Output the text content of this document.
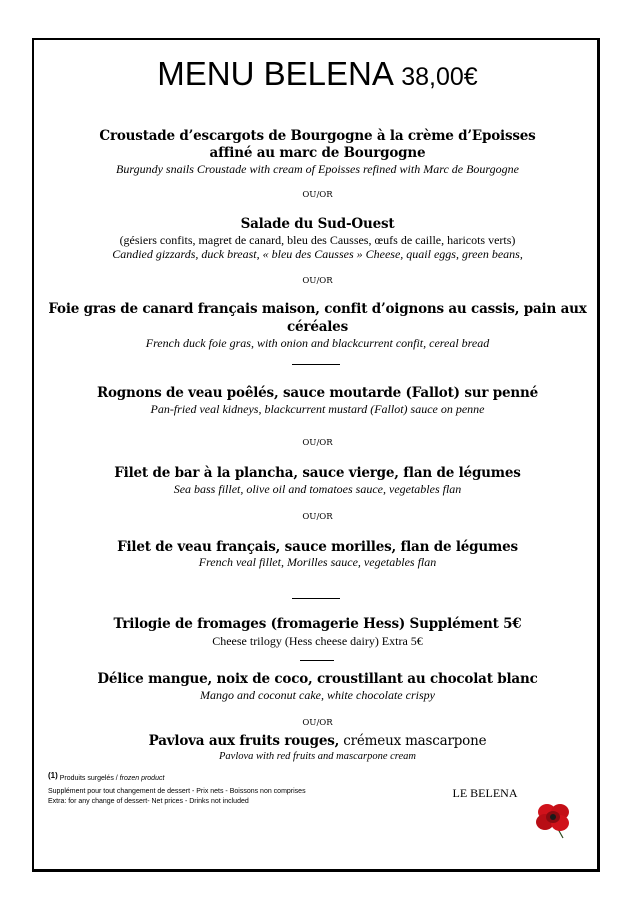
MENU BELENA 38,00€
Croustade d’escargots de Bourgogne à la crème d’Epoisses
affiné au marc de Bourgogne
Burgundy snails Croustade with cream of Epoisses refined with Marc de Bourgogne
OU/OR
Salade du Sud-Ouest
(gésiers confits, magret de canard, bleu des Causses, œufs de caille, haricots verts)
Candied gizzards, duck breast, « bleu des Causses » Cheese, quail eggs, green beans,
OU/OR
Foie gras de canard français maison, confit d’oignons au cassis, pain aux
céréales
French duck foie gras, with onion and blackcurrent confit, cereal bread
Rognons de veau poêlés, sauce moutarde (Fallot) sur penné
Pan-fried veal kidneys, blackcurrent mustard (Fallot) sauce on penne
OU/OR
Filet de bar à la plancha, sauce vierge, flan de légumes
Sea bass fillet, olive oil and tomatoes sauce, vegetables flan
OU/OR
Filet de veau français, sauce morilles, flan de légumes
French veal fillet, Morilles sauce, vegetables flan
Trilogie de fromages (fromagerie Hess) Supplément 5€
Cheese trilogy (Hess cheese dairy) Extra 5€
Délice mangue, noix de coco, croustillant au chocolat blanc
Mango and coconut cake, white chocolate crispy
OU/OR
Pavlova aux fruits rouges, crémeux mascarpone
Pavlova with red fruits and mascarpone cream
$^{(1)}$ Produits surgelés / frozen product
Supplément pour tout changement de dessert - Prix nets - Boissons non comprises
Extra: for any change of dessert- Net prices - Drinks not included
LE BELENA
